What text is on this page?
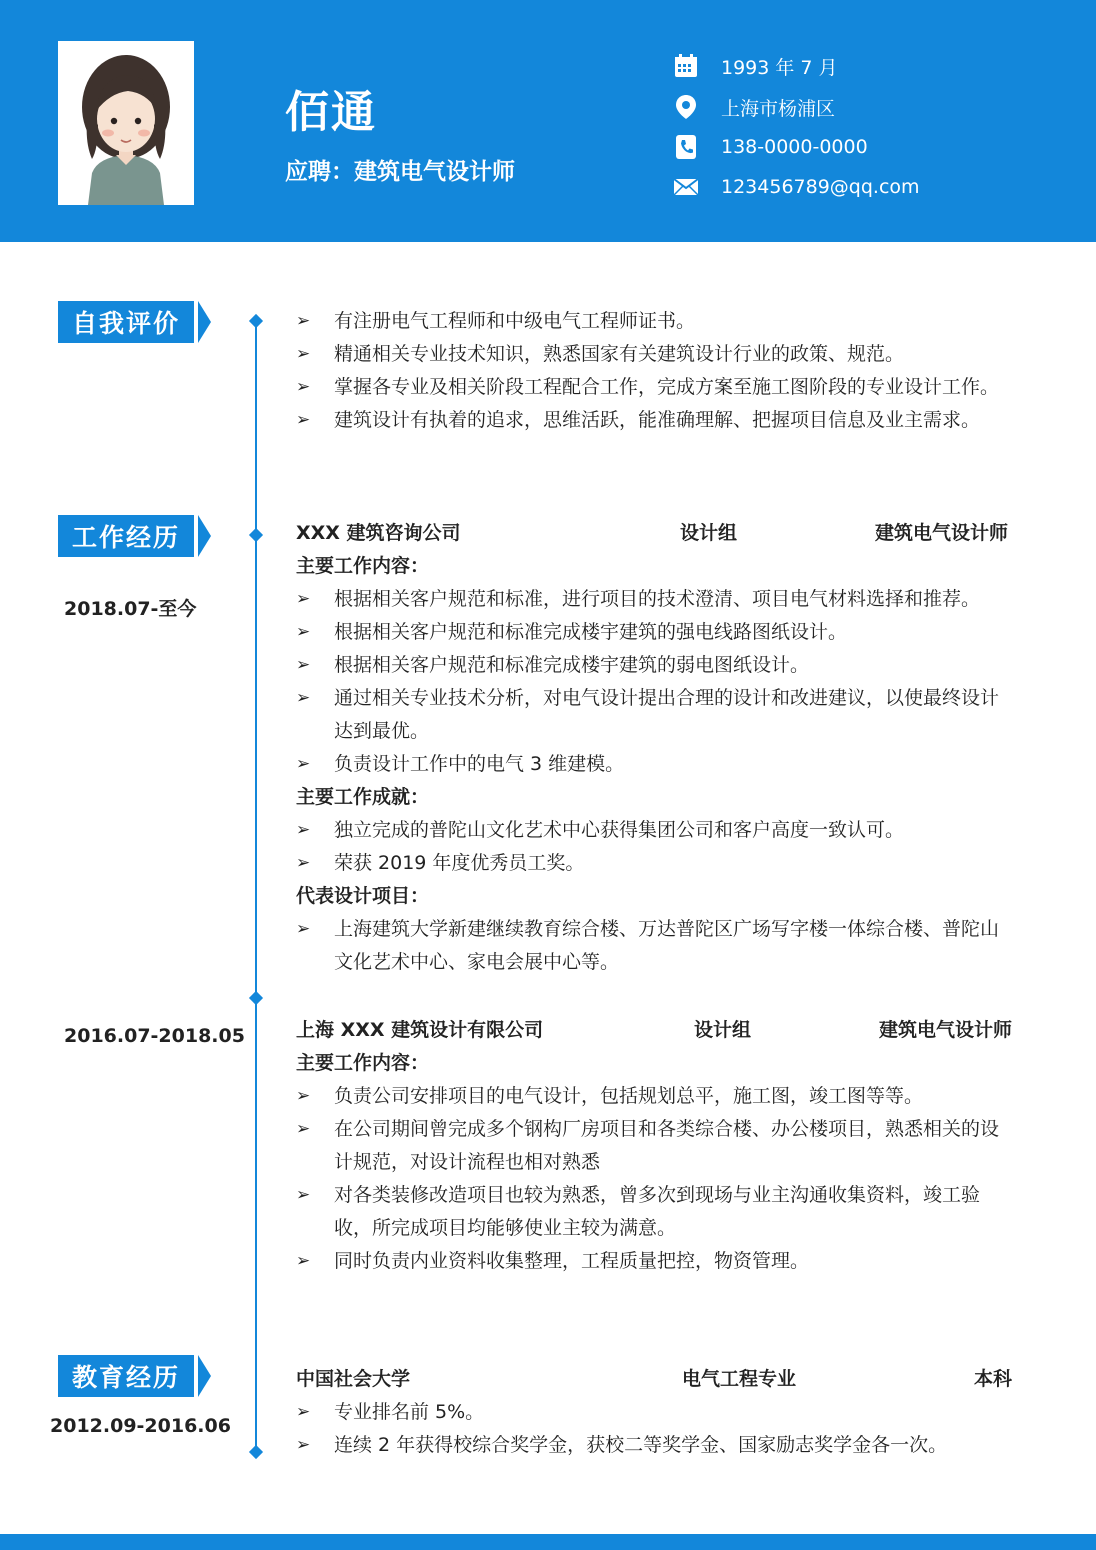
佰通
应聘：建筑电气设计师
1993 年 7 月
上海市杨浦区
138-0000-0000
123456789@qq.com
自我评价	➢ 有注册电气工程师和中级电气工程师证书。
➢ 精通相关专业技术知识，熟悉国家有关建筑设计行业的政策、规范。
➢ 掌握各专业及相关阶段工程配合工作，完成方案至施工图阶段的专业设计工作。
➢ 建筑设计有执着的追求，思维活跃，能准确理解、把握项目信息及业主需求。
工作经历
2018.07-至今
XXX 建筑咨询公司	设计组	建筑电气设计师
主要工作内容：
➢ 根据相关客户规范和标准，进行项目的技术澄清、项目电气材料选择和推荐。
➢ 根据相关客户规范和标准完成楼宇建筑的强电线路图纸设计。
➢ 根据相关客户规范和标准完成楼宇建筑的弱电图纸设计。
➢ 通过相关专业技术分析，对电气设计提出合理的设计和改进建议，以使最终设计达到最优。
➢ 负责设计工作中的电气 3 维建模。
主要工作成就：
➢ 独立完成的普陀山文化艺术中心获得集团公司和客户高度一致认可。
➢ 荣获 2019 年度优秀员工奖。
代表设计项目：
➢ 上海建筑大学新建继续教育综合楼、万达普陀区广场写字楼一体综合楼、普陀山文化艺术中心、家电会展中心等。
2016.07-2018.05	上海 XXX 建筑设计有限公司	设计组	建筑电气设计师
主要工作内容：
➢ 负责公司安排项目的电气设计，包括规划总平，施工图，竣工图等等。
➢ 在公司期间曾完成多个钢构厂房项目和各类综合楼、办公楼项目，熟悉相关的设计规范，对设计流程也相对熟悉
➢ 对各类装修改造项目也较为熟悉，曾多次到现场与业主沟通收集资料，竣工验收，所完成项目均能够使业主较为满意。
➢ 同时负责内业资料收集整理，工程质量把控，物资管理。
教育经历
2012.09-2016.06
中国社会大学	电气工程专业	本科
➢ 专业排名前 5%。
➢ 连续 2 年获得校综合奖学金，获校二等奖学金、国家励志奖学金各一次。
